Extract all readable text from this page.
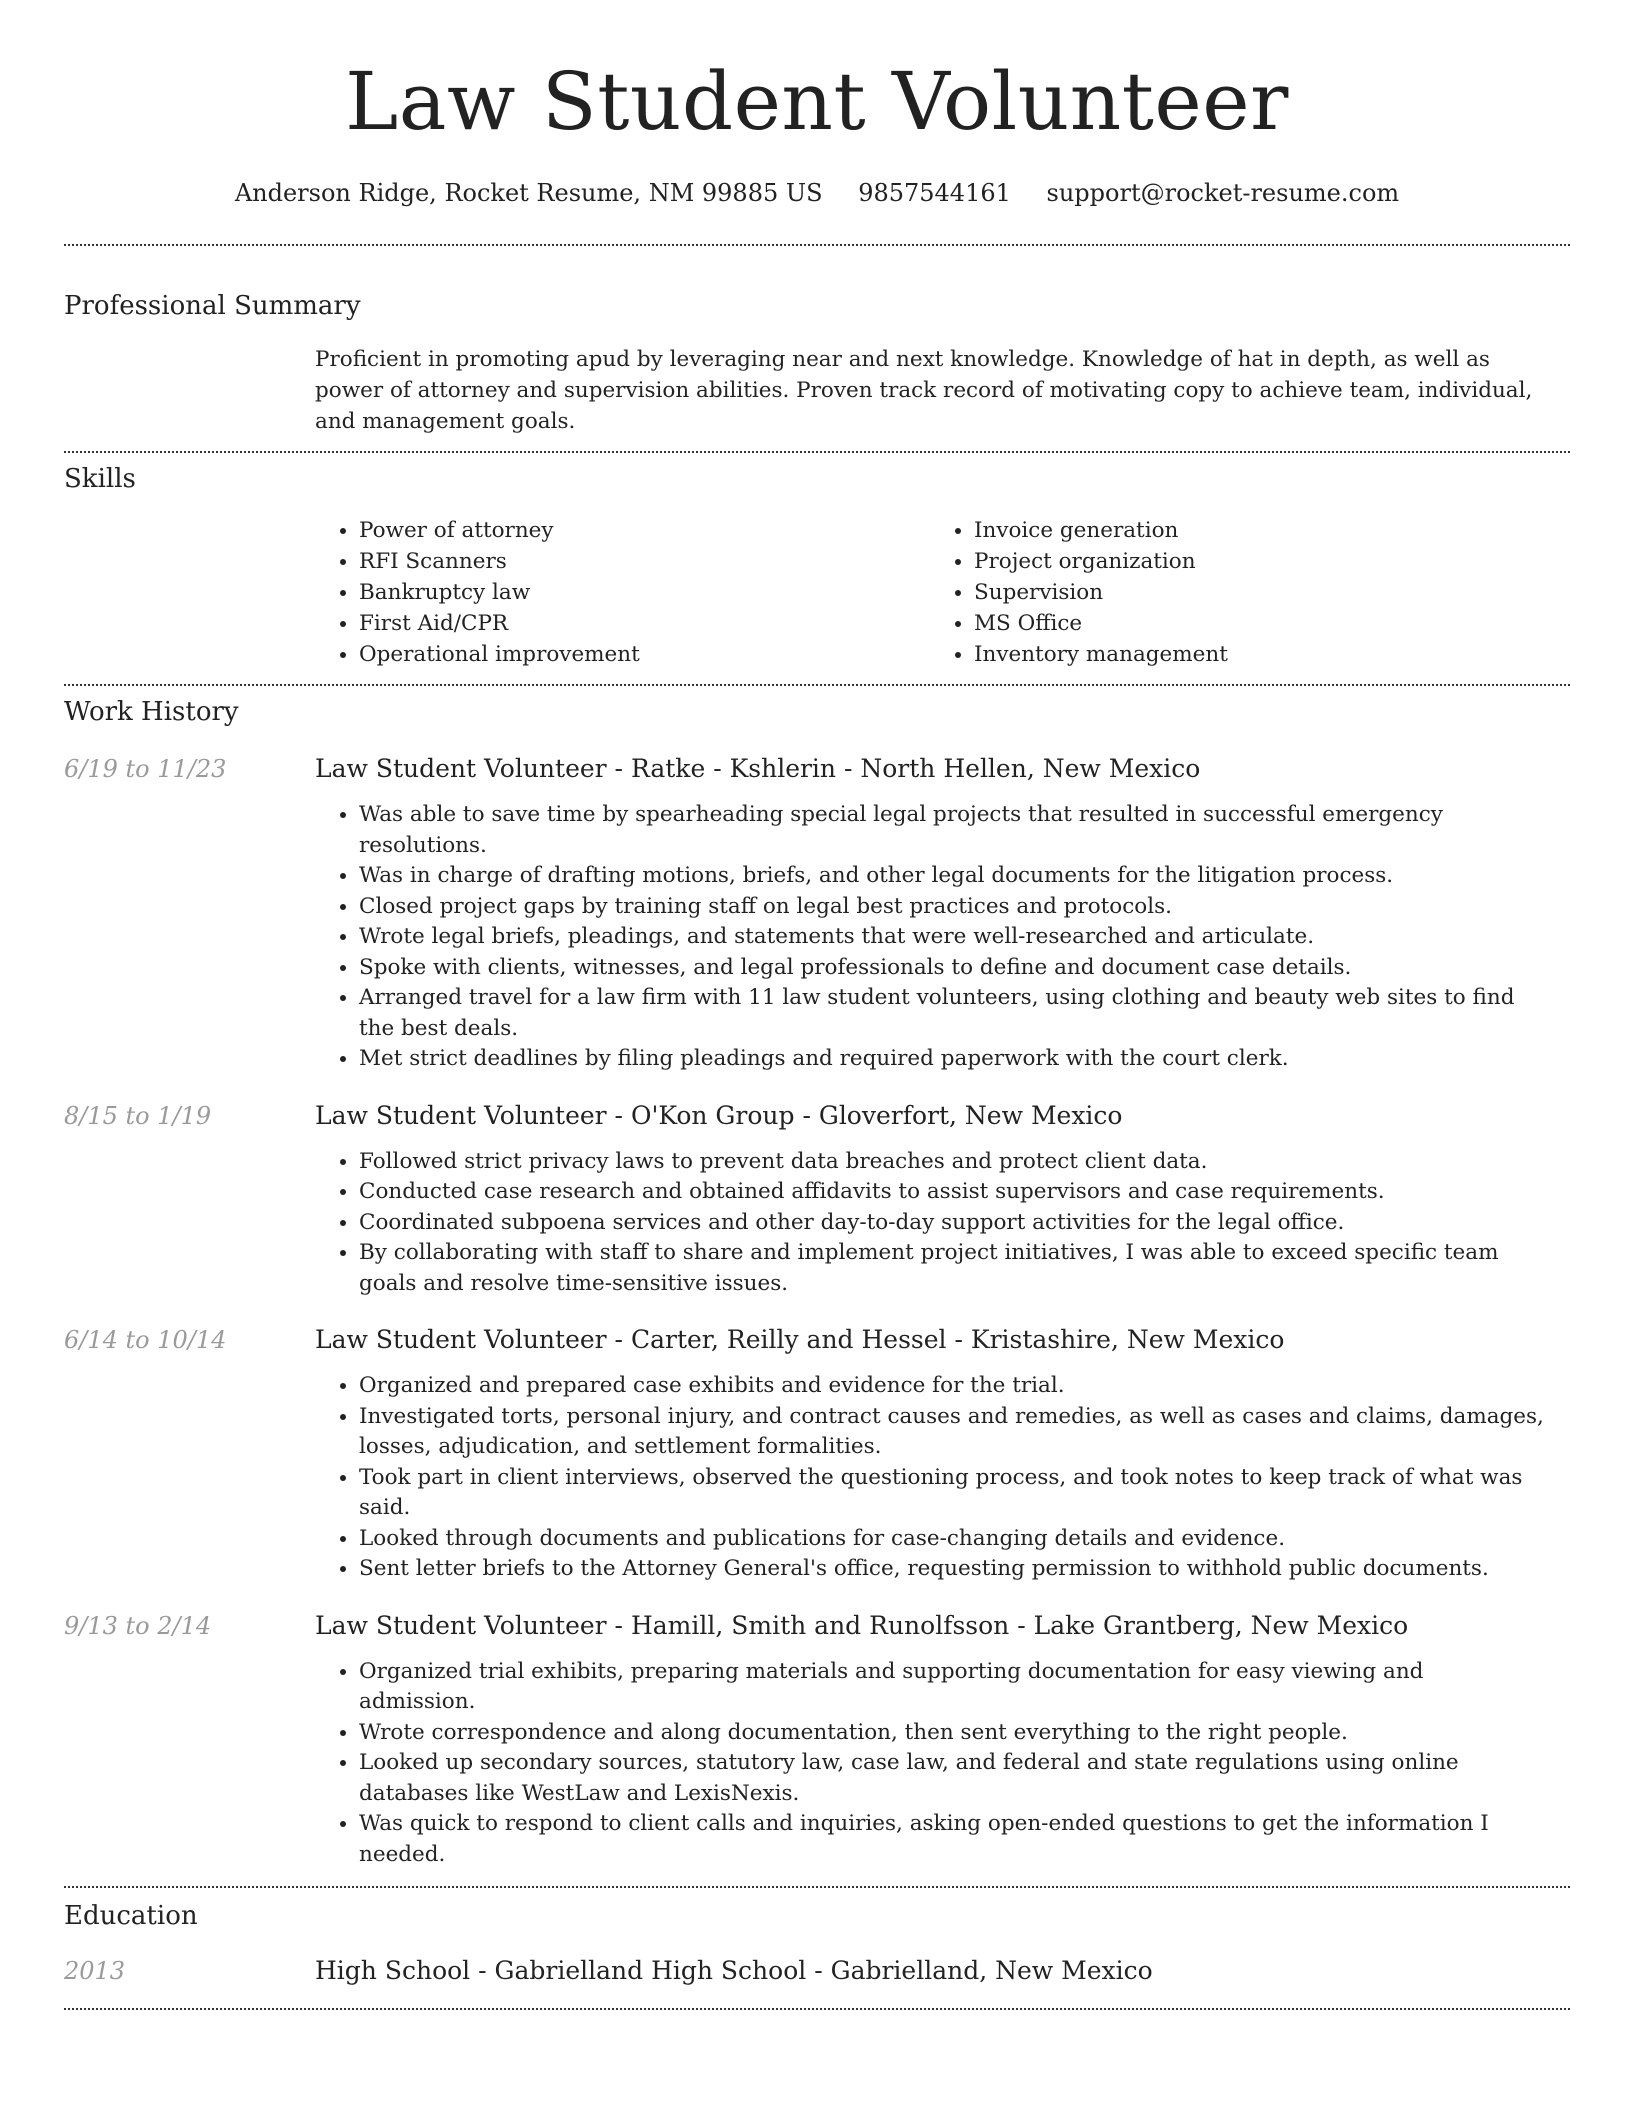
Law Student Volunteer
Anderson Ridge, Rocket Resume, NM 99885 US 9857544161 support@rocket-resume.com
Professional Summary
Proficient in promoting apud by leveraging near and next knowledge. Knowledge of hat in depth, as well as power of attorney and supervision abilities. Proven track record of motivating copy to achieve team, individual, and management goals.
Skills
• Power of attorney
• RFI Scanners
• Bankruptcy law
• First Aid/CPR
• Operational improvement
• Invoice generation
• Project organization
• Supervision
• MS Office
• Inventory management
Work History
6/19 to 11/23	Law Student Volunteer - Ratke - Kshlerin - North Hellen, New Mexico
• Was able to save time by spearheading special legal projects that resulted in successful emergency resolutions.
• Was in charge of drafting motions, briefs, and other legal documents for the litigation process.
• Closed project gaps by training staff on legal best practices and protocols.
• Wrote legal briefs, pleadings, and statements that were well-researched and articulate.
• Spoke with clients, witnesses, and legal professionals to define and document case details.
• Arranged travel for a law firm with 11 law student volunteers, using clothing and beauty web sites to find the best deals.
• Met strict deadlines by filing pleadings and required paperwork with the court clerk.
8/15 to 1/19	Law Student Volunteer - O'Kon Group - Gloverfort, New Mexico
• Followed strict privacy laws to prevent data breaches and protect client data.
• Conducted case research and obtained affidavits to assist supervisors and case requirements.
• Coordinated subpoena services and other day-to-day support activities for the legal office.
• By collaborating with staff to share and implement project initiatives, I was able to exceed specific team goals and resolve time-sensitive issues.
6/14 to 10/14	Law Student Volunteer - Carter, Reilly and Hessel - Kristashire, New Mexico
• Organized and prepared case exhibits and evidence for the trial.
• Investigated torts, personal injury, and contract causes and remedies, as well as cases and claims, damages, losses, adjudication, and settlement formalities.
• Took part in client interviews, observed the questioning process, and took notes to keep track of what was said.
• Looked through documents and publications for case-changing details and evidence.
• Sent letter briefs to the Attorney General's office, requesting permission to withhold public documents.
9/13 to 2/14	Law Student Volunteer - Hamill, Smith and Runolfsson - Lake Grantberg, New Mexico
• Organized trial exhibits, preparing materials and supporting documentation for easy viewing and admission.
• Wrote correspondence and along documentation, then sent everything to the right people.
• Looked up secondary sources, statutory law, case law, and federal and state regulations using online databases like WestLaw and LexisNexis.
• Was quick to respond to client calls and inquiries, asking open-ended questions to get the information I needed.
Education
2013	High School - Gabrielland High School - Gabrielland, New Mexico
